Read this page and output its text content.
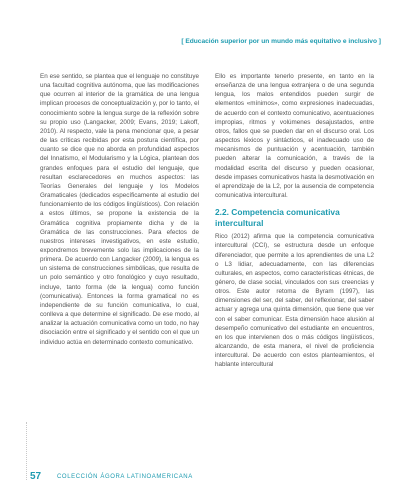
[ Educación superior por un mundo más equitativo e inclusivo ]

En ese sentido, se plantea que el lenguaje no constituye una facultad cognitiva autónoma, que las modificaciones que ocurren al interior de la gramática de una lengua implican procesos de conceptualización y, por lo tanto, el conocimiento sobre la lengua surge de la reflexión sobre su propio uso (Langacker, 2009; Evans, 2019; Lakoff, 2010). Al respecto, vale la pena mencionar que, a pesar de las críticas recibidas por esta postura científica, por cuanto se dice que no aborda en profundidad aspectos del Innatismo, el Modularismo y la Lógica, plantean dos grandes enfoques para el estudio del lenguaje, que resultan esclarecedores en muchos aspectos: las Teorías Generales del lenguaje y los Modelos Gramaticales (dedicados específicamente al estudio del funcionamiento de los códigos lingüísticos). Con relación a estos últimos, se propone la existencia de la Gramática cognitiva propiamente dicha y de la Gramática de las construcciones. Para efectos de nuestros intereses investigativos, en este estudio, expondremos brevemente solo las implicaciones de la primera. De acuerdo con Langacker (2009), la lengua es un sistema de construcciones simbólicas, que resulta de un polo semántico y otro fonológico y cuyo resultado, incluye, tanto forma (de la lengua) como función (comunicativa). Entonces la forma gramatical no es independiente de su función comunicativa, lo cual, conlleva a que determine el significado. De ese modo, al analizar la actuación comunicativa como un todo, no hay disociación entre el significado y el sentido con el que un individuo actúa en determinado contexto comunicativo.

Ello es importante tenerlo presente, en tanto en la enseñanza de una lengua extranjera o de una segunda lengua, los malos entendidos pueden surgir de elementos «mínimos», como expresiones inadecuadas, de acuerdo con el contexto comunicativo, acentuaciones impropias, ritmos y volúmenes desajustados, entre otros, fallos que se pueden dar en el discurso oral. Los aspectos léxicos y sintácticos, el inadecuado uso de mecanismos de puntuación y acentuación, también pueden alterar la comunicación, a través de la modalidad escrita del discurso y pueden ocasionar, desde impases comunicativos hasta la desmotivación en el aprendizaje de la L2, por la ausencia de competencia comunicativa intercultural.

2.2. Competencia comunicativa intercultural

Rico (2012) afirma que la competencia comunicativa intercultural (CCI), se estructura desde un enfoque diferenciador, que permite a los aprendientes de una L2 o L3 lidiar, adecuadamente, con las diferencias culturales, en aspectos, como características étnicas, de género, de clase social, vinculados con sus creencias y otros. Este autor retoma de Byram (1997), las dimensiones del ser, del saber, del reflexionar, del saber actuar y agrega una quinta dimensión, que tiene que ver con el saber comunicar. Esta dimensión hace alusión al desempeño comunicativo del estudiante en encuentros, en los que intervienen dos o más códigos lingüísticos, alcanzando, de esta manera, el nivel de proficiencia intercultural. De acuerdo con estos planteamientos, el hablante intercultural

57	COLECCIÓN ÁGORA LATINOAMERICANA
